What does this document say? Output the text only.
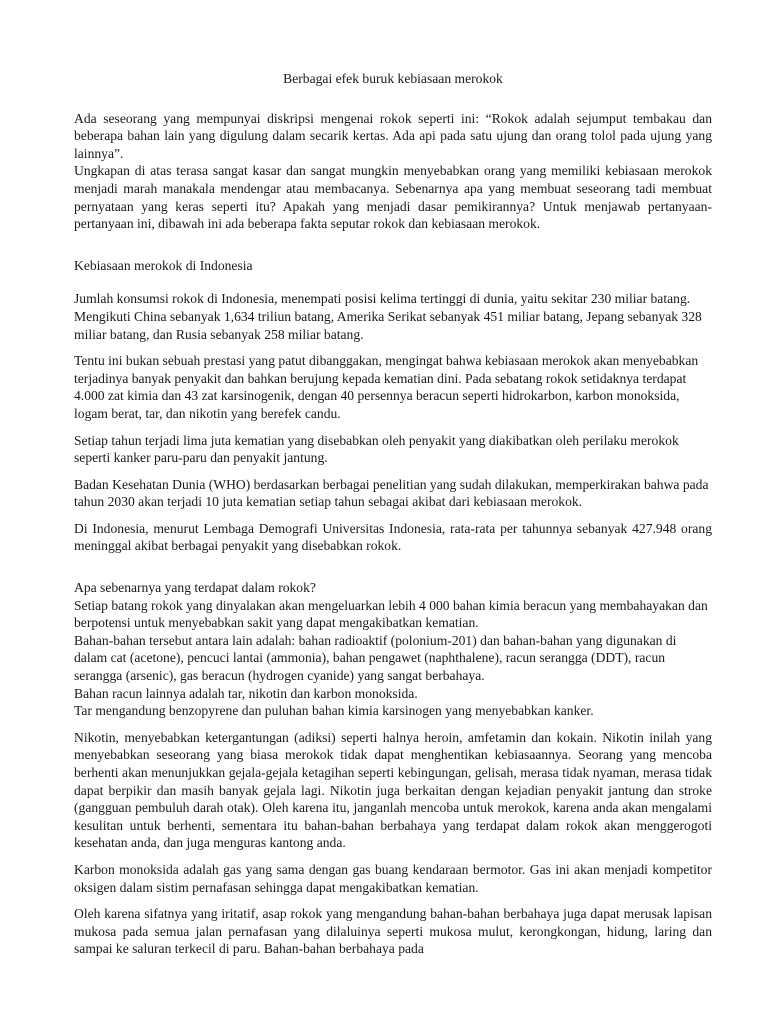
Berbagai efek buruk kebiasaan merokok

Ada seseorang yang mempunyai diskripsi mengenai rokok seperti ini: “Rokok adalah sejumput tembakau dan beberapa bahan lain yang digulung dalam secarik kertas. Ada api pada satu ujung dan orang tolol pada ujung yang lainnya”.

Ungkapan di atas terasa sangat kasar dan sangat mungkin menyebabkan orang yang memiliki kebiasaan merokok menjadi marah manakala mendengar atau membacanya. Sebenarnya apa yang membuat seseorang tadi membuat pernyataan yang keras seperti itu? Apakah yang menjadi dasar pemikirannya? Untuk menjawab pertanyaan-pertanyaan ini, dibawah ini ada beberapa fakta seputar rokok dan kebiasaan merokok.

Kebiasaan merokok di Indonesia

Jumlah konsumsi rokok di Indonesia, menempati posisi kelima tertinggi di dunia, yaitu sekitar 230 miliar batang. Mengikuti China sebanyak 1,634 triliun batang, Amerika Serikat sebanyak 451 miliar batang, Jepang sebanyak 328 miliar batang, dan Rusia sebanyak 258 miliar batang.

Tentu ini bukan sebuah prestasi yang patut dibanggakan, mengingat bahwa kebiasaan merokok akan menyebabkan terjadinya banyak penyakit dan bahkan berujung kepada kematian dini. Pada sebatang rokok setidaknya terdapat 4.000 zat kimia dan 43 zat karsinogenik, dengan 40 persennya beracun seperti hidrokarbon, karbon monoksida, logam berat, tar, dan nikotin yang berefek candu.

Setiap tahun terjadi lima juta kematian yang disebabkan oleh penyakit yang diakibatkan oleh perilaku merokok seperti kanker paru-paru dan penyakit jantung.

Badan Kesehatan Dunia (WHO) berdasarkan berbagai penelitian yang sudah dilakukan, memperkirakan bahwa pada tahun 2030 akan terjadi 10 juta kematian setiap tahun sebagai akibat dari kebiasaan merokok.

Di Indonesia, menurut Lembaga Demografi Universitas Indonesia, rata-rata per tahunnya sebanyak 427.948 orang meninggal akibat berbagai penyakit yang disebabkan rokok.

Apa sebenarnya yang terdapat dalam rokok?

Setiap batang rokok yang dinyalakan akan mengeluarkan lebih 4 000 bahan kimia beracun yang membahayakan dan berpotensi untuk menyebabkan sakit yang dapat mengakibatkan kematian.

Bahan-bahan tersebut antara lain adalah: bahan radioaktif (polonium-201) dan bahan-bahan yang digunakan di dalam cat (acetone), pencuci lantai (ammonia), bahan pengawet (naphthalene), racun serangga (DDT), racun serangga (arsenic), gas beracun (hydrogen cyanide) yang sangat berbahaya.

Bahan racun lainnya adalah tar, nikotin dan karbon monoksida.

Tar mengandung benzopyrene dan puluhan bahan kimia karsinogen yang menyebabkan kanker.

Nikotin, menyebabkan ketergantungan (adiksi) seperti halnya heroin, amfetamin dan kokain. Nikotin inilah yang menyebabkan seseorang yang biasa merokok tidak dapat menghentikan kebiasaannya. Seorang yang mencoba berhenti akan menunjukkan gejala-gejala ketagihan seperti kebingungan, gelisah, merasa tidak nyaman, merasa tidak dapat berpikir dan masih banyak gejala lagi. Nikotin juga berkaitan dengan kejadian penyakit jantung dan stroke (gangguan pembuluh darah otak). Oleh karena itu, janganlah mencoba untuk merokok, karena anda akan mengalami kesulitan untuk berhenti, sementara itu bahan-bahan berbahaya yang terdapat dalam rokok akan menggerogoti kesehatan anda, dan juga menguras kantong anda.

Karbon monoksida adalah gas yang sama dengan gas buang kendaraan bermotor. Gas ini akan menjadi kompetitor oksigen dalam sistim pernafasan sehingga dapat mengakibatkan kematian.

Oleh karena sifatnya yang iritatif, asap rokok yang mengandung bahan-bahan berbahaya juga dapat merusak lapisan mukosa pada semua jalan pernafasan yang dilaluinya seperti mukosa mulut, kerongkongan, hidung, laring dan sampai ke saluran terkecil di paru. Bahan-bahan berbahaya pada
